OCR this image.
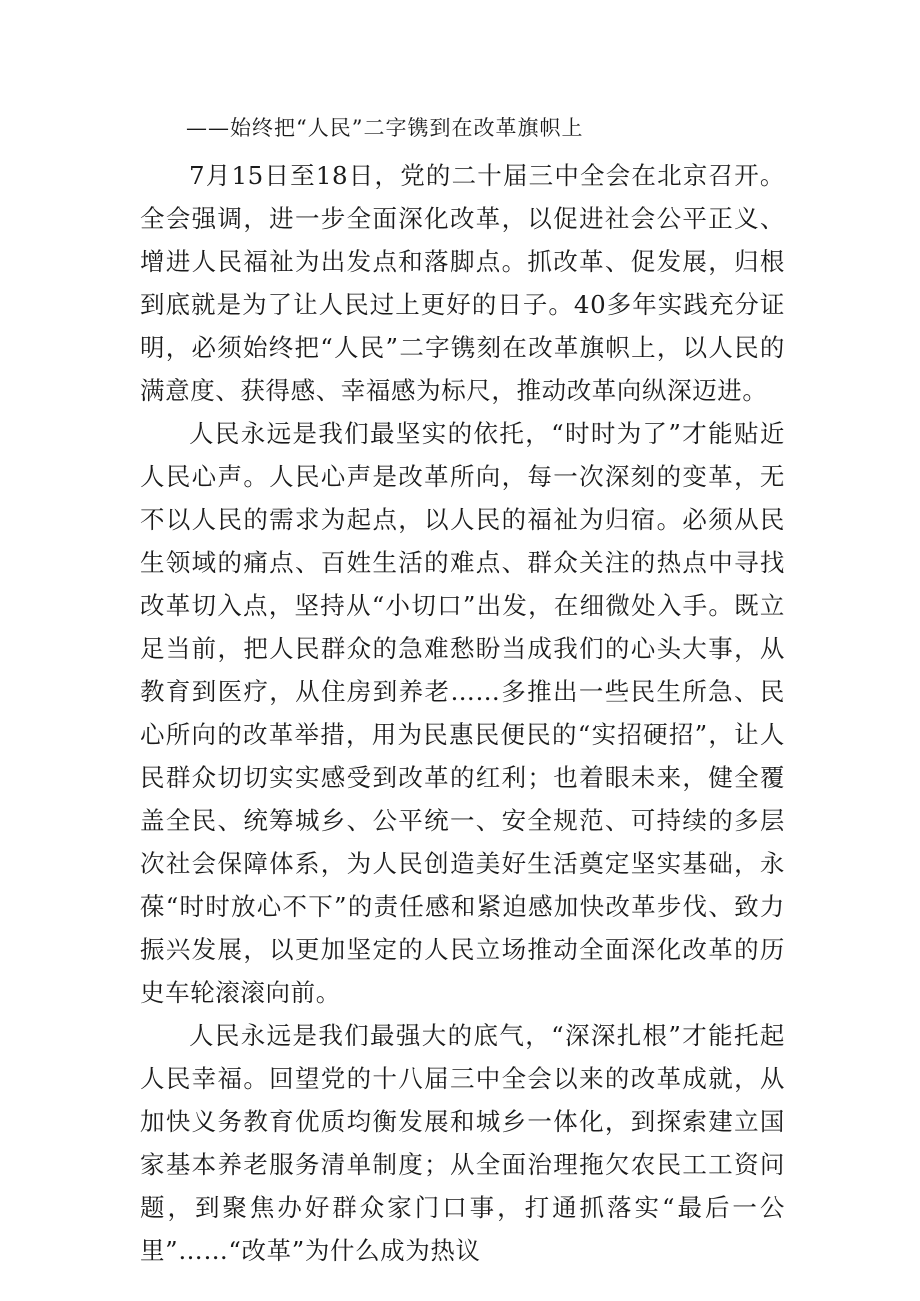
——始终把“人民”二字镌到在改革旗帜上

7月15日至18日，党的二十届三中全会在北京召开。全会强调，进一步全面深化改革，以促进社会公平正义、增进人民福祉为出发点和落脚点。抓改革、促发展，归根到底就是为了让人民过上更好的日子。40多年实践充分证明，必须始终把“人民”二字镌刻在改革旗帜上，以人民的满意度、获得感、幸福感为标尺，推动改革向纵深迈进。

人民永远是我们最坚实的依托，“时时为了”才能贴近人民心声。人民心声是改革所向，每一次深刻的变革，无不以人民的需求为起点，以人民的福祉为归宿。必须从民生领域的痛点、百姓生活的难点、群众关注的热点中寻找改革切入点，坚持从“小切口”出发，在细微处入手。既立足当前，把人民群众的急难愁盼当成我们的心头大事，从教育到医疗，从住房到养老……多推出一些民生所急、民心所向的改革举措，用为民惠民便民的“实招硬招”，让人民群众切切实实感受到改革的红利；也着眼未来，健全覆盖全民、统筹城乡、公平统一、安全规范、可持续的多层次社会保障体系，为人民创造美好生活奠定坚实基础，永葆“时时放心不下”的责任感和紧迫感加快改革步伐、致力振兴发展，以更加坚定的人民立场推动全面深化改革的历史车轮滚滚向前。

人民永远是我们最强大的底气，“深深扎根”才能托起人民幸福。回望党的十八届三中全会以来的改革成就，从加快义务教育优质均衡发展和城乡一体化，到探索建立国家基本养老服务清单制度；从全面治理拖欠农民工工资问题，到聚焦办好群众家门口事，打通抓落实“最后一公里”……“改革”为什么成为热议
